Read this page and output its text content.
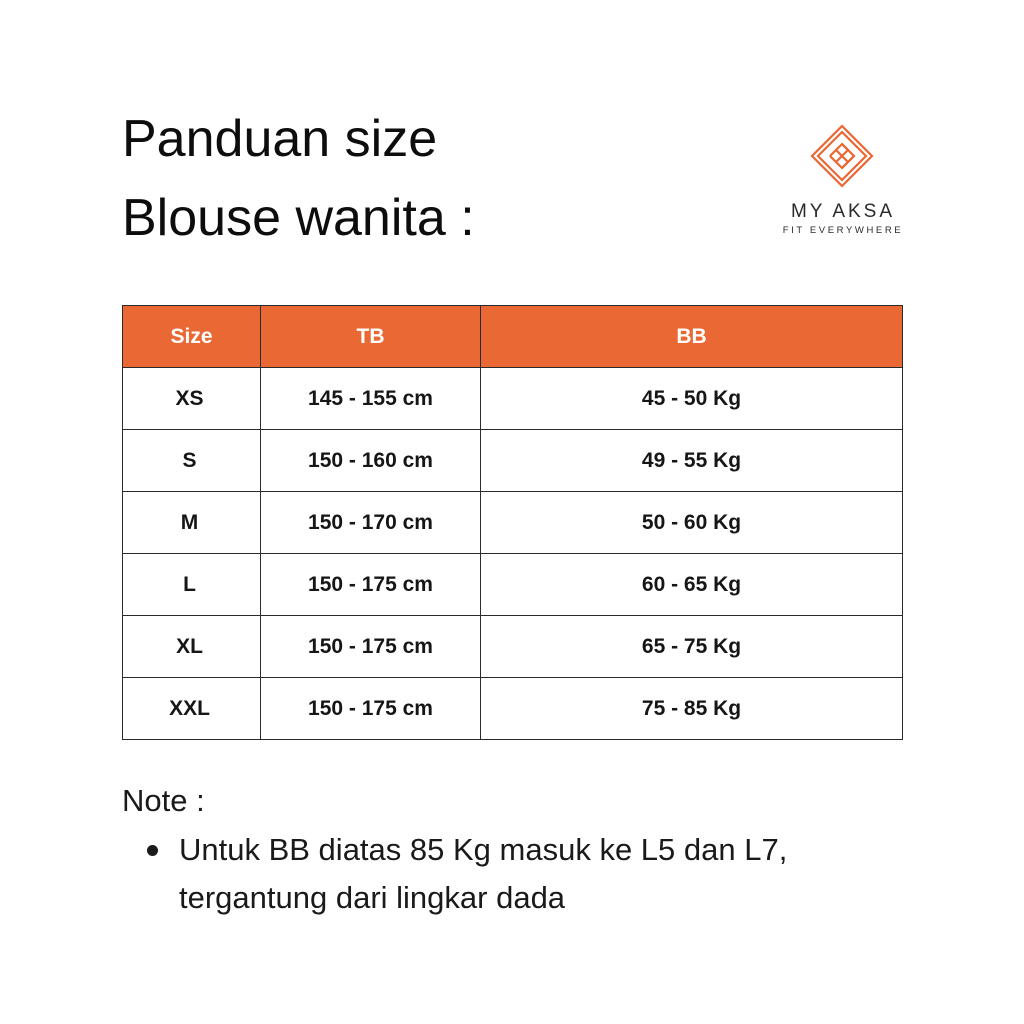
Panduan size
Blouse wanita :	MY AKSA
FIT EVERYWHERE
Size	TB	BB
XS	145 - 155 cm	45 - 50 Kg
S	150 - 160 cm	49 - 55 Kg
M	150 - 170 cm	50 - 60 Kg
L	150 - 175 cm	60 - 65 Kg
XL	150 - 175 cm	65 - 75 Kg
XXL	150 - 175 cm	75 - 85 Kg
Note :
Untuk BB diatas 85 Kg masuk ke L5 dan L7,
tergantung dari lingkar dada
